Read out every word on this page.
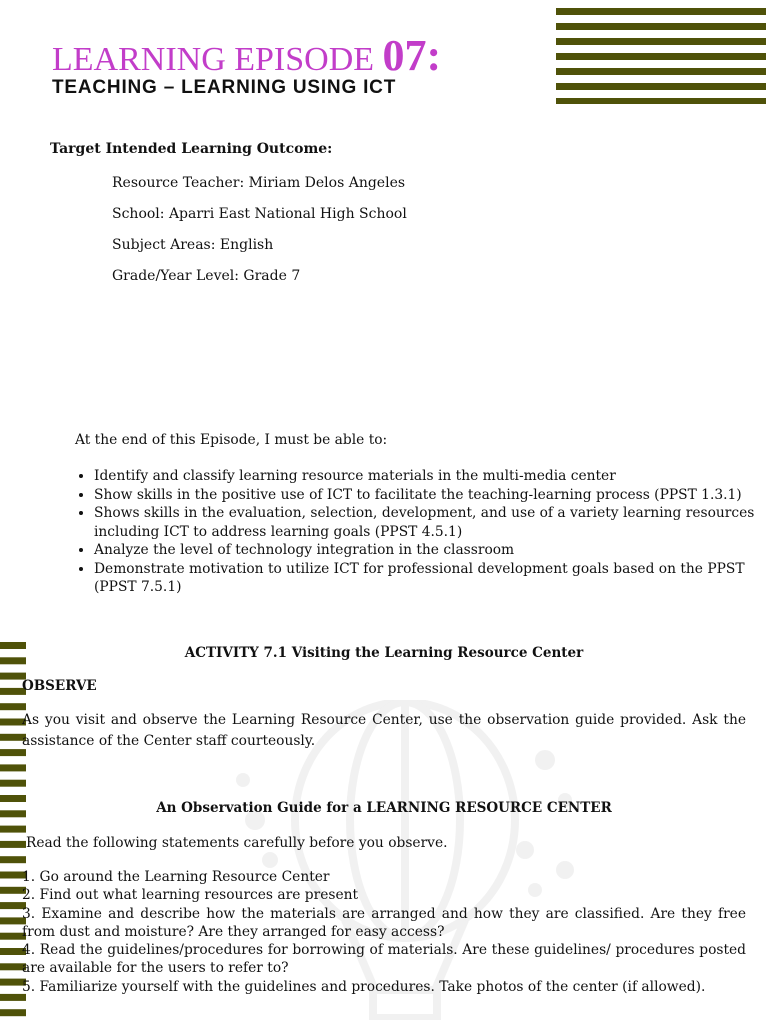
LEARNING EPISODE 07:
TEACHING – LEARNING USING ICT
Target Intended Learning Outcome:
Resource Teacher: Miriam Delos Angeles
School: Aparri East National High School
Subject Areas: English
Grade/Year Level: Grade 7
At the end of this Episode, I must be able to:
• Identify and classify learning resource materials in the multi-media center
• Show skills in the positive use of ICT to facilitate the teaching-learning process (PPST 1.3.1)
• Shows skills in the evaluation, selection, development, and use of a variety learning resources including ICT to address learning goals (PPST 4.5.1)
• Analyze the level of technology integration in the classroom
• Demonstrate motivation to utilize ICT for professional development goals based on the PPST (PPST 7.5.1)
ACTIVITY 7.1 Visiting the Learning Resource Center
OBSERVE
As you visit and observe the Learning Resource Center, use the observation guide provided. Ask the assistance of the Center staff courteously.
An Observation Guide for a LEARNING RESOURCE CENTER
Read the following statements carefully before you observe.
1. Go around the Learning Resource Center
2. Find out what learning resources are present
3. Examine and describe how the materials are arranged and how they are classified. Are they free from dust and moisture? Are they arranged for easy access?
4. Read the guidelines/procedures for borrowing of materials. Are these guidelines/ procedures posted are available for the users to refer to?
5. Familiarize yourself with the guidelines and procedures. Take photos of the center (if allowed).
